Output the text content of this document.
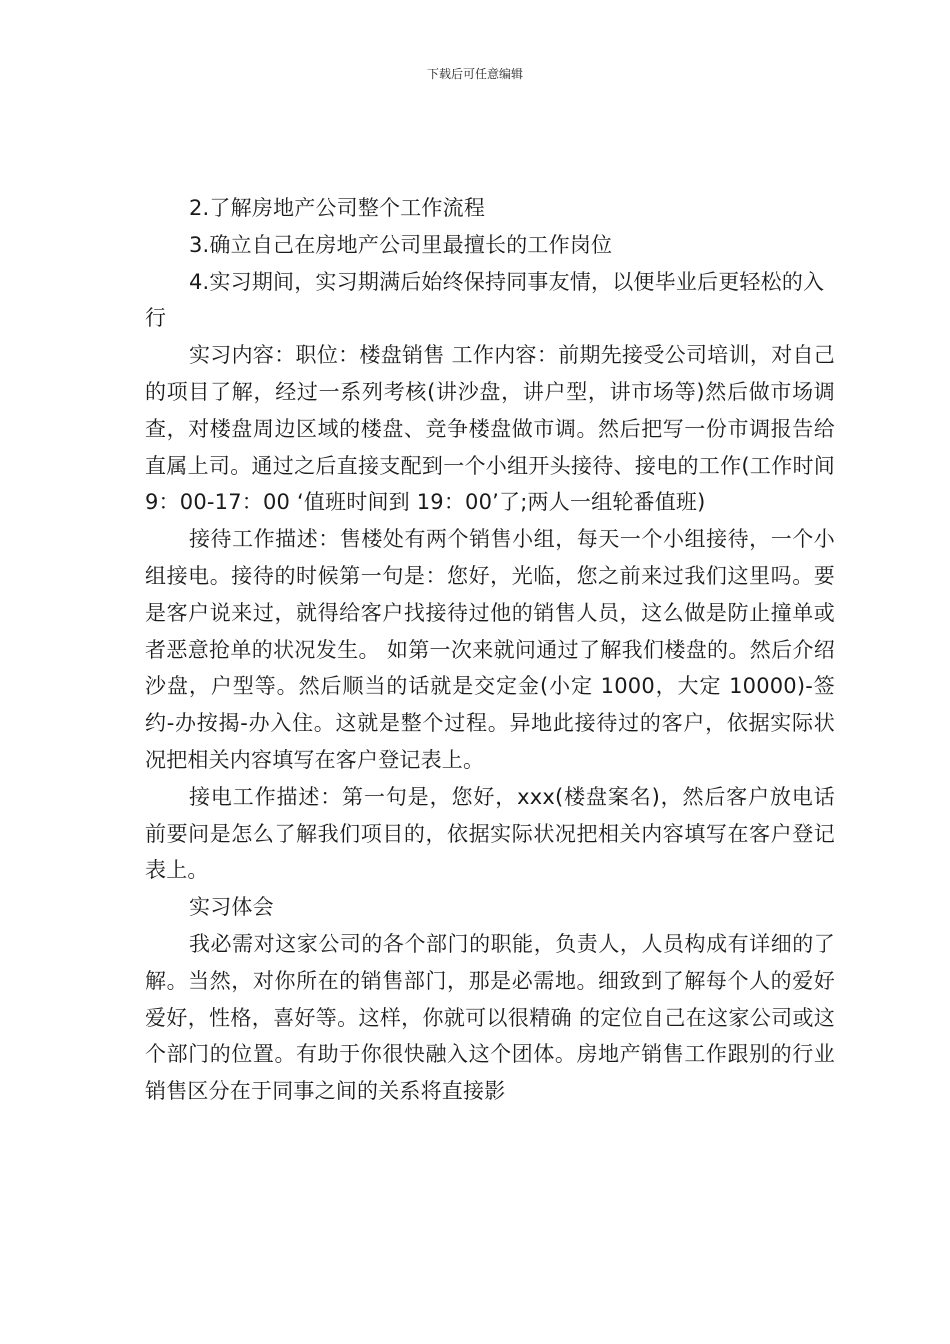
下载后可任意编辑

2.了解房地产公司整个工作流程

3.确立自己在房地产公司里最擅长的工作岗位

4.实习期间，实习期满后始终保持同事友情，以便毕业后更轻松的入行

实习内容：职位：楼盘销售 工作内容：前期先接受公司培训，对自己的项目了解，经过一系列考核(讲沙盘，讲户型，讲市场等)然后做市场调查，对楼盘周边区域的楼盘、竞争楼盘做市调。然后把写一份市调报告给直属上司。通过之后直接支配到一个小组开头接待、接电的工作(工作时间 9：00-17：00 ‘值班时间到 19：00’了;两人一组轮番值班)

接待工作描述：售楼处有两个销售小组，每天一个小组接待，一个小组接电。接待的时候第一句是：您好，光临，您之前来过我们这里吗。要是客户说来过，就得给客户找接待过他的销售人员，这么做是防止撞单或者恶意抢单的状况发生。 如第一次来就问通过了解我们楼盘的。然后介绍沙盘，户型等。然后顺当的话就是交定金(小定 1000，大定 10000)-签约-办按揭-办入住。这就是整个过程。异地此接待过的客户，依据实际状况把相关内容填写在客户登记表上。

接电工作描述：第一句是，您好，xxx(楼盘案名)，然后客户放电话前要问是怎么了解我们项目的，依据实际状况把相关内容填写在客户登记表上。

实习体会

我必需对这家公司的各个部门的职能，负责人，人员构成有详细的了解。当然，对你所在的销售部门，那是必需地。细致到了解每个人的爱好爱好，性格，喜好等。这样，你就可以很精确 的定位自己在这家公司或这个部门的位置。有助于你很快融入这个团体。房地产销售工作跟别的行业销售区分在于同事之间的关系将直接影
